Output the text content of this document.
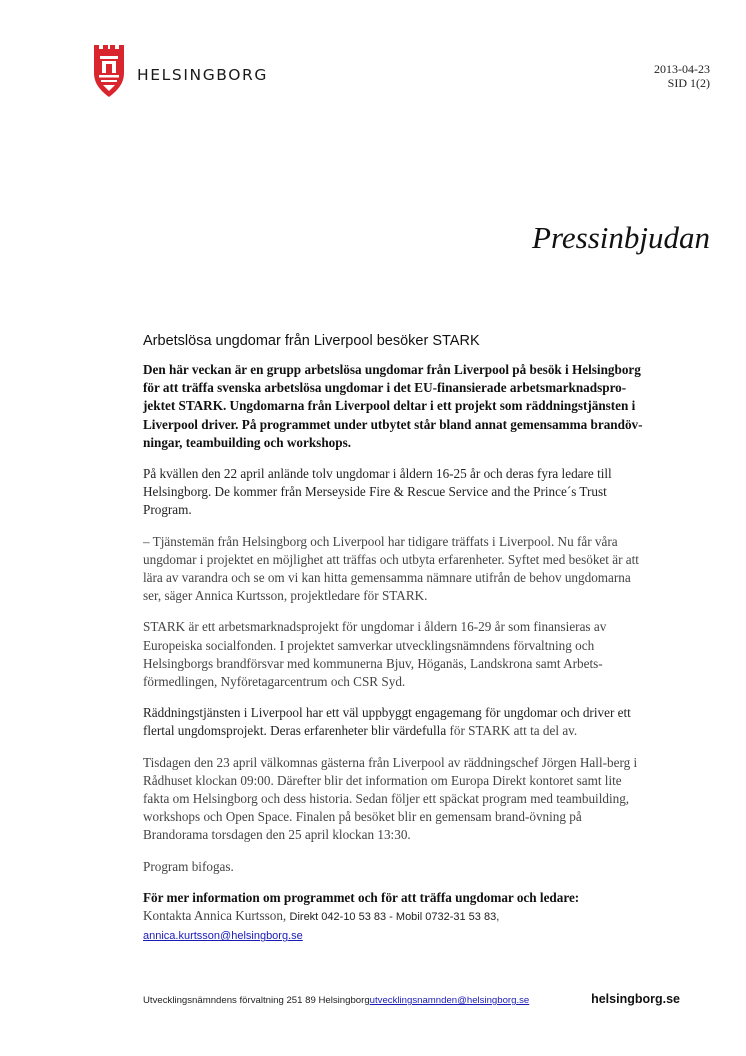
HELSINGBORG	2013-04-23
SID 1(2)
Pressinbjudan
Arbetslösa ungdomar från Liverpool besöker STARK

Den här veckan är en grupp arbetslösa ungdomar från Liverpool på besök i Helsingborg för att träffa svenska arbetslösa ungdomar i det EU-finansierade arbetsmarknadspro-jektet STARK. Ungdomarna från Liverpool deltar i ett projekt som räddningstjänsten i Liverpool driver. På programmet under utbytet står bland annat gemensamma brandöv-ningar, teambuilding och workshops.

På kvällen den 22 april anlände tolv ungdomar i åldern 16-25 år och deras fyra ledare till Helsingborg. De kommer från Merseyside Fire & Rescue Service and the Prince´s Trust Program.

– Tjänstemän från Helsingborg och Liverpool har tidigare träffats i Liverpool. Nu får våra ungdomar i projektet en möjlighet att träffas och utbyta erfarenheter. Syftet med besöket är att lära av varandra och se om vi kan hitta gemensamma nämnare utifrån de behov ungdomarna ser, säger Annica Kurtsson, projektledare för STARK.

STARK är ett arbetsmarknadsprojekt för ungdomar i åldern 16-29 år som finansieras av Europeiska socialfonden. I projektet samverkar utvecklingsnämndens förvaltning och Helsingborgs brandförsvar med kommunerna Bjuv, Höganäs, Landskrona samt Arbets-förmedlingen, Nyföretagarcentrum och CSR Syd.

Räddningstjänsten i Liverpool har ett väl uppbyggt engagemang för ungdomar och driver ett flertal ungdomsprojekt. Deras erfarenheter blir värdefulla för STARK att ta del av.

Tisdagen den 23 april välkomnas gästerna från Liverpool av räddningschef Jörgen Hall-berg i Rådhuset klockan 09:00. Därefter blir det information om Europa Direkt kontoret samt lite fakta om Helsingborg och dess historia. Sedan följer ett späckat program med teambuilding, workshops och Open Space. Finalen på besöket blir en gemensam brand-övning på Brandorama torsdagen den 25 april klockan 13:30.

Program bifogas.

För mer information om programmet och för att träffa ungdomar och ledare:
Kontakta Annica Kurtsson, Direkt 042-10 53 83 - Mobil 0732-31 53 83,
annica.kurtsson@helsingborg.se

Utvecklingsnämndens förvaltning 251 89 Helsingborgutvecklingsnamnden@helsingborg.se	helsingborg.se
